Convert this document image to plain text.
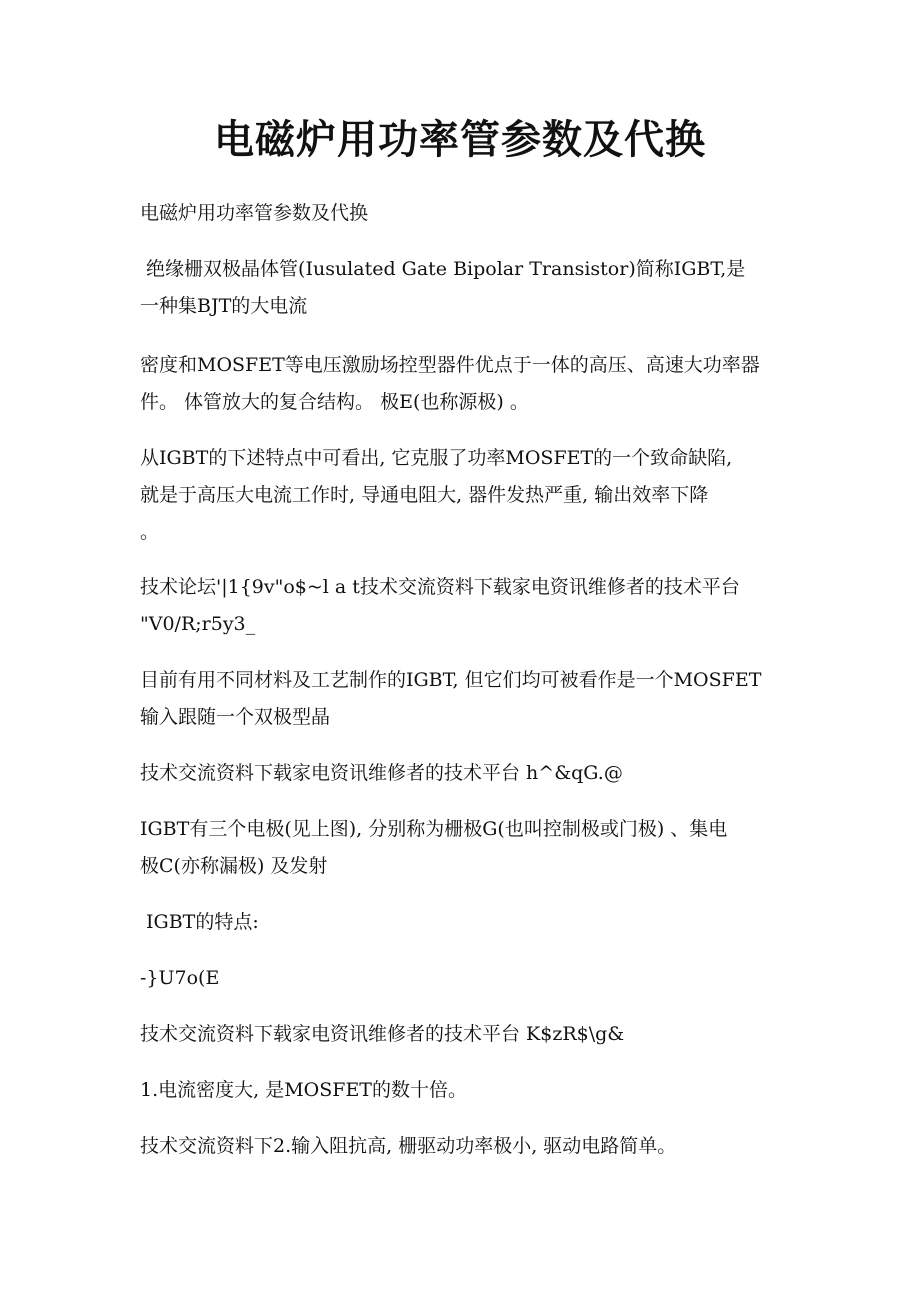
电磁炉用功率管参数及代换
电磁炉用功率管参数及代换
绝缘栅双极晶体管(Iusulated Gate Bipolar Transistor)简称IGBT,是
一种集BJT的大电流
密度和MOSFET等电压激励场控型器件优点于一体的高压、高速大功率器
件。 体管放大的复合结构。 极E(也称源极) 。
从IGBT的下述特点中可看出, 它克服了功率MOSFET的一个致命缺陷,
就是于高压大电流工作时, 导通电阻大, 器件发热严重, 输出效率下降
。
技术论坛'|1{9v"o$~l a t技术交流资料下载家电资讯维修者的技术平台
"V0/R;r5y3_
目前有用不同材料及工艺制作的IGBT, 但它们均可被看作是一个MOSFET
输入跟随一个双极型晶
技术交流资料下载家电资讯维修者的技术平台 h^&qG.@
IGBT有三个电极(见上图), 分别称为栅极G(也叫控制极或门极) 、集电
极C(亦称漏极) 及发射
IGBT的特点:
-}U7o(E
技术交流资料下载家电资讯维修者的技术平台 K$zR$\g&
1.电流密度大, 是MOSFET的数十倍。
技术交流资料下2.输入阻抗高, 栅驱动功率极小, 驱动电路简单。
